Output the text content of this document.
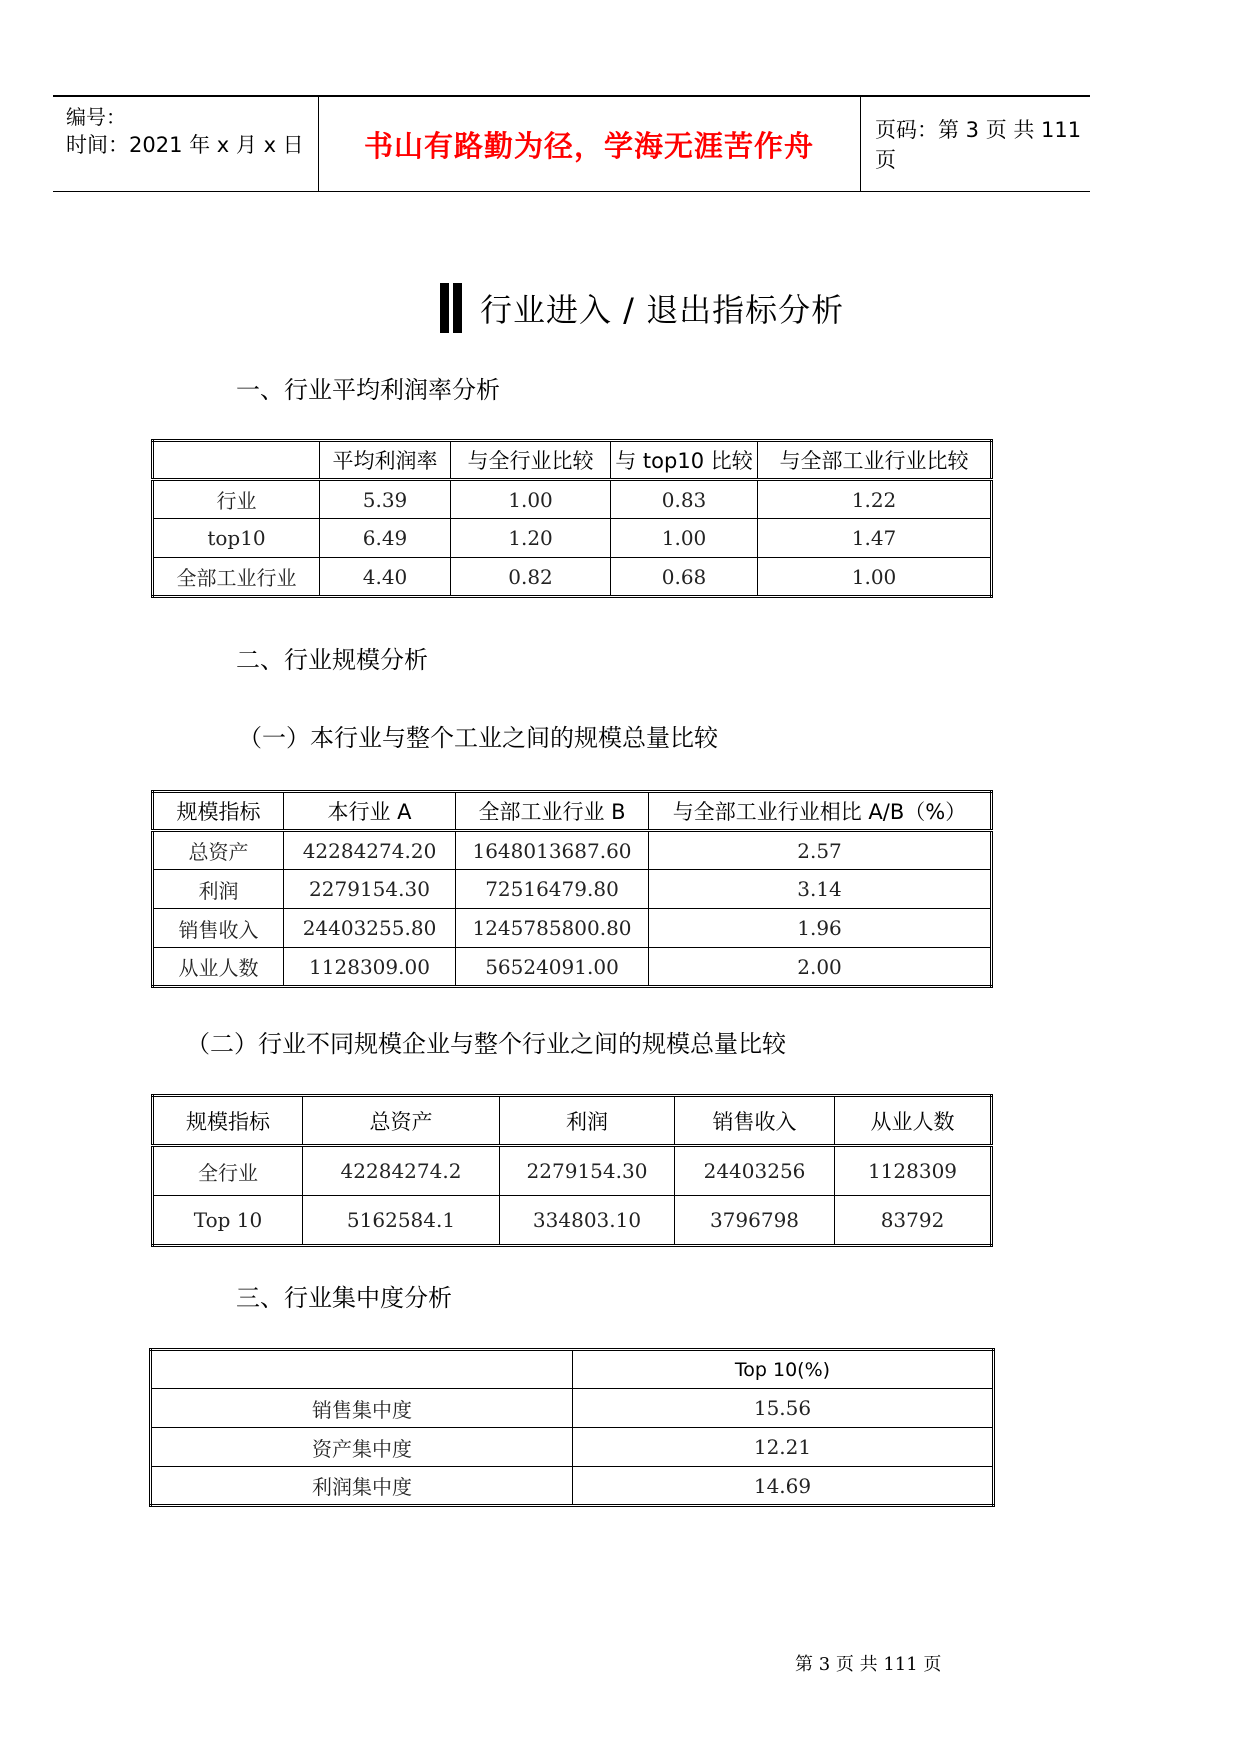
编号：
时间：2021 年 x 月 x 日 书山有路勤为径，学海无涯苦作舟	页码：第 3 页 共 111 页
行业进入 / 退出指标分析
一、行业平均利润率分析
	平均利润率	与全行业比较	与 top10 比较	与全部工业行业比较
行业	5.39	1.00	0.83	1.22
top10	6.49	1.20	1.00	1.47
全部工业行业	4.40	0.82	0.68	1.00
二、行业规模分析
（一）本行业与整个工业之间的规模总量比较
规模指标	本行业 A	全部工业行业 B	与全部工业行业相比 A/B（%）
总资产	42284274.20	1648013687.60	2.57
利润	2279154.30	72516479.80	3.14
销售收入	24403255.80	1245785800.80	1.96
从业人数	1128309.00	56524091.00	2.00
（二）行业不同规模企业与整个行业之间的规模总量比较
规模指标	总资产	利润	销售收入	从业人数
全行业	42284274.2	2279154.30	24403256	1128309
Top 10	5162584.1	334803.10	3796798	83792
三、行业集中度分析
	Top 10(%)
销售集中度	15.56
资产集中度	12.21
利润集中度	14.69
第 3 页 共 111 页
